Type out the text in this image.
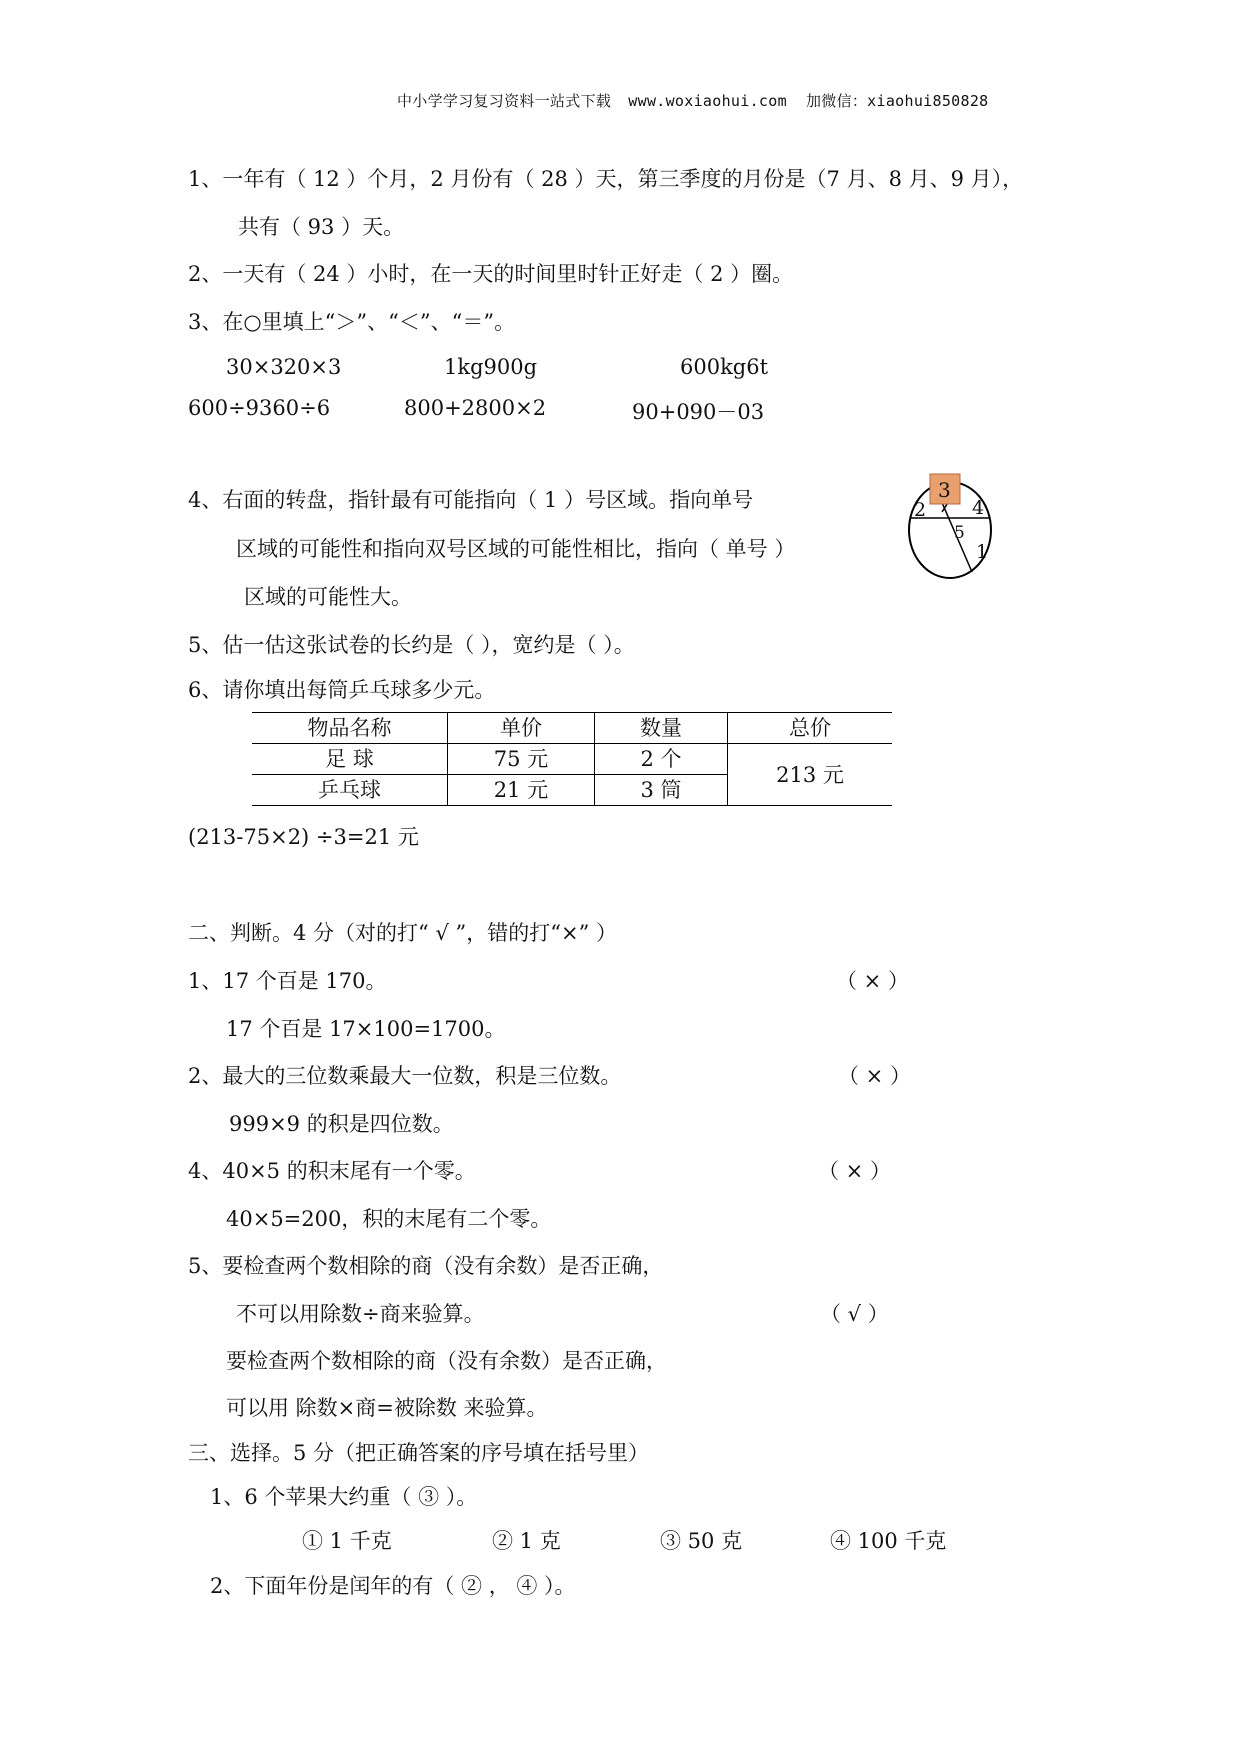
中小学学习复习资料一站式下载 www.woxiaohui.com 加微信：xiaohui850828
1、一年有（ 12 ）个月，2 月份有（ 28 ）天，第三季度的月份是（7 月、8 月、9 月），
共有（ 93 ）天。
2、一天有（ 24 ）小时，在一天的时间里时针正好走（ 2 ）圈。
3、在○里填上“＞”、“＜”、“＝”。
30×320×3	1kg900g	600kg6t
600÷9360÷6	800+2800×2	90+090－03
4、右面的转盘，指针最有可能指向（ 1 ）号区域。指向单号
区域的可能性和指向双号区域的可能性相比，指向（ 单号 ）
区域的可能性大。
3
2 4
5
1
5、估一估这张试卷的长约是（ ），宽约是（ ）。
6、请你填出每筒乒乓球多少元。
物品名称	单价	数量	总价
足 球	75 元	2 个	213 元
乒乓球	21 元	3 筒	
(213-75×2) ÷3=21 元
二、判断。4 分（对的打“ √ ”，错的打“×” ）
1、17 个百是 170。	（ × ）
17 个百是 17×100=1700。
2、最大的三位数乘最大一位数，积是三位数。	（ × ）
999×9 的积是四位数。
4、40×5 的积末尾有一个零。	（ × ）
40×5=200，积的末尾有二个零。
5、要检查两个数相除的商（没有余数）是否正确，
不可以用除数÷商来验算。	（ √ ）
要检查两个数相除的商（没有余数）是否正确，
可以用 除数×商=被除数 来验算。
三、选择。5 分（把正确答案的序号填在括号里）
1、6 个苹果大约重（ ③ ）。
① 1 千克	② 1 克	③ 50 克	④ 100 千克
2、下面年份是闰年的有（ ② ， ④ ）。
